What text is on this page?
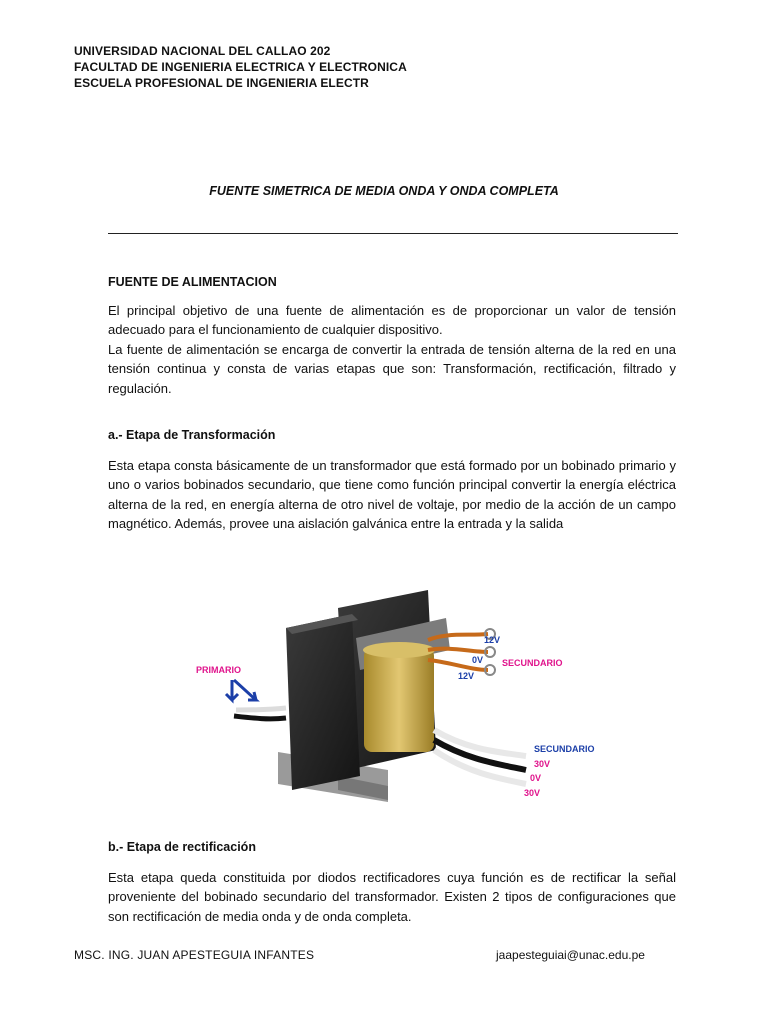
UNIVERSIDAD NACIONAL DEL CALLAO 202
FACULTAD DE INGENIERIA ELECTRICA Y ELECTRONICA
ESCUELA PROFESIONAL DE INGENIERIA ELECTR
FUENTE SIMETRICA DE MEDIA ONDA Y ONDA COMPLETA
FUENTE DE ALIMENTACION

El principal objetivo de una fuente de alimentación es de proporcionar un valor de tensión adecuado para el funcionamiento de cualquier dispositivo.

La fuente de alimentación se encarga de convertir la entrada de tensión alterna de la red en una tensión continua y consta de varias etapas que son: Transformación, rectificación, filtrado y regulación.

a.- Etapa de Transformación

Esta etapa consta básicamente de un transformador que está formado por un bobinado primario y uno o varios bobinados secundario, que tiene como función principal convertir la energía eléctrica alterna de la red, en energía alterna de otro nivel de voltaje, por medio de la acción de un campo magnético. Además, provee una aislación galvánica entre la entrada y la salida

PRIMARIO
SECUNDARIO
12V
0V
12V
SECUNDARIO
30V
0V
30V
b.- Etapa de rectificación

Esta etapa queda constituida por diodos rectificadores cuya función es de rectificar la señal proveniente del bobinado secundario del transformador. Existen 2 tipos de configuraciones que son rectificación de media onda y de onda completa.

MSC. ING. JUAN APESTEGUIA INFANTES	jaapesteguiai@unac.edu.pe
